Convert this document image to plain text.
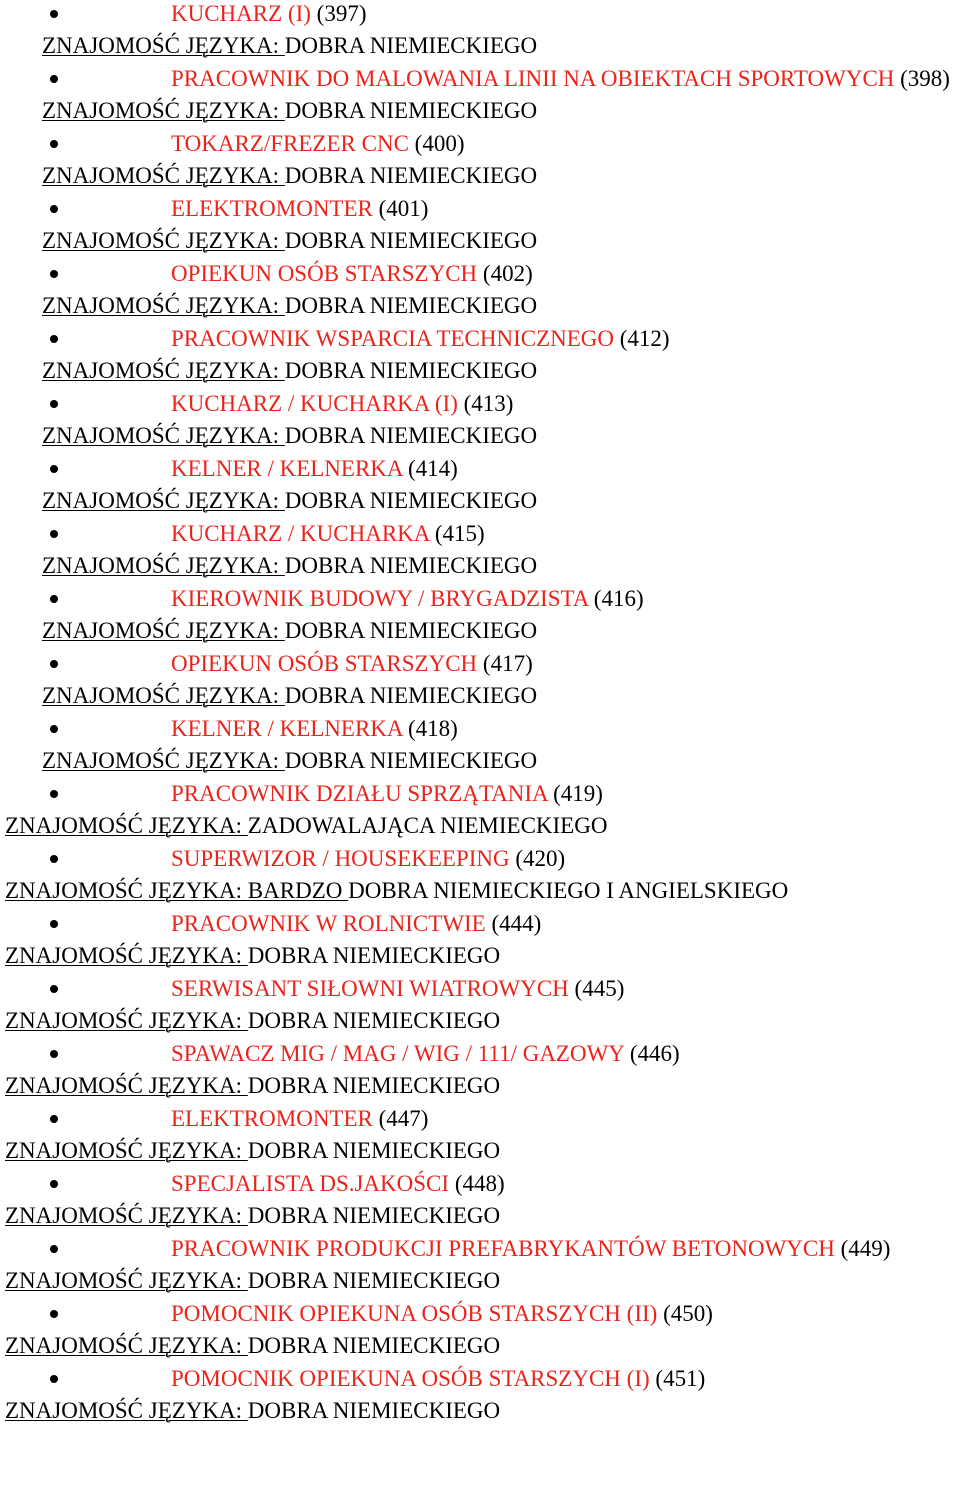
KUCHARZ (I) (397)
ZNAJOMOŚĆ JĘZYKA: DOBRA NIEMIECKIEGO
PRACOWNIK DO MALOWANIA LINII NA OBIEKTACH SPORTOWYCH (398)
ZNAJOMOŚĆ JĘZYKA: DOBRA NIEMIECKIEGO
TOKARZ/FREZER CNC (400)
ZNAJOMOŚĆ JĘZYKA: DOBRA NIEMIECKIEGO
ELEKTROMONTER (401)
ZNAJOMOŚĆ JĘZYKA: DOBRA NIEMIECKIEGO
OPIEKUN OSÓB STARSZYCH (402)
ZNAJOMOŚĆ JĘZYKA: DOBRA NIEMIECKIEGO
PRACOWNIK WSPARCIA TECHNICZNEGO (412)
ZNAJOMOŚĆ JĘZYKA: DOBRA NIEMIECKIEGO
KUCHARZ / KUCHARKA (I) (413)
ZNAJOMOŚĆ JĘZYKA: DOBRA NIEMIECKIEGO
KELNER / KELNERKA (414)
ZNAJOMOŚĆ JĘZYKA: DOBRA NIEMIECKIEGO
KUCHARZ / KUCHARKA (415)
ZNAJOMOŚĆ JĘZYKA: DOBRA NIEMIECKIEGO
KIEROWNIK BUDOWY / BRYGADZISTA (416)
ZNAJOMOŚĆ JĘZYKA: DOBRA NIEMIECKIEGO
OPIEKUN OSÓB STARSZYCH (417)
ZNAJOMOŚĆ JĘZYKA: DOBRA NIEMIECKIEGO
KELNER / KELNERKA (418)
ZNAJOMOŚĆ JĘZYKA: DOBRA NIEMIECKIEGO
PRACOWNIK DZIAŁU SPRZĄTANIA (419)
ZNAJOMOŚĆ JĘZYKA: ZADOWALAJĄCA NIEMIECKIEGO
SUPERWIZOR / HOUSEKEEPING (420)
ZNAJOMOŚĆ JĘZYKA: BARDZO DOBRA NIEMIECKIEGO I ANGIELSKIEGO
PRACOWNIK W ROLNICTWIE (444)
ZNAJOMOŚĆ JĘZYKA: DOBRA NIEMIECKIEGO
SERWISANT SIŁOWNI WIATROWYCH (445)
ZNAJOMOŚĆ JĘZYKA: DOBRA NIEMIECKIEGO
SPAWACZ MIG / MAG / WIG / 111/ GAZOWY (446)
ZNAJOMOŚĆ JĘZYKA: DOBRA NIEMIECKIEGO
ELEKTROMONTER (447)
ZNAJOMOŚĆ JĘZYKA: DOBRA NIEMIECKIEGO
SPECJALISTA DS.JAKOŚCI (448)
ZNAJOMOŚĆ JĘZYKA: DOBRA NIEMIECKIEGO
PRACOWNIK PRODUKCJI PREFABRYKANTÓW BETONOWYCH (449)
ZNAJOMOŚĆ JĘZYKA: DOBRA NIEMIECKIEGO
POMOCNIK OPIEKUNA OSÓB STARSZYCH (II) (450)
ZNAJOMOŚĆ JĘZYKA: DOBRA NIEMIECKIEGO
POMOCNIK OPIEKUNA OSÓB STARSZYCH (I) (451)
ZNAJOMOŚĆ JĘZYKA: DOBRA NIEMIECKIEGO
